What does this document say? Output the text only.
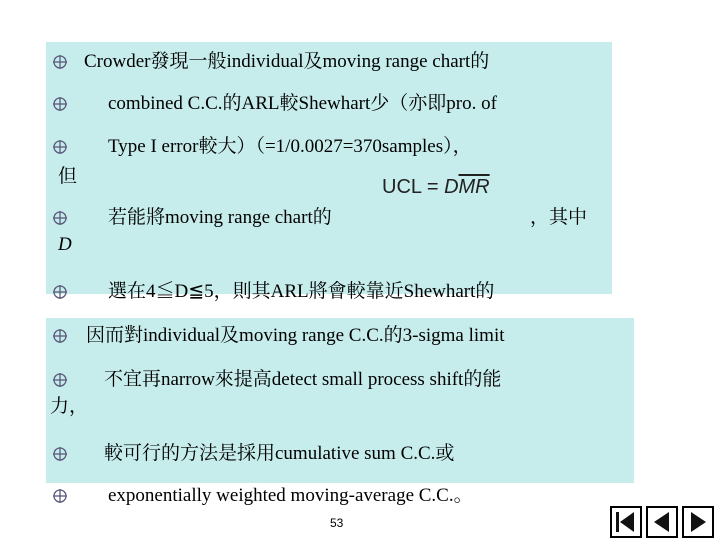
Crowder發現一般individual及moving range chart的
combined C.C.的ARL較Shewhart少（亦即pro. of
Type I error較大）（=1/0.0027=370samples），
但	UCL = $D\overline{MR}$
若能將moving range chart的	，其中
D
選在4≦D≦5，則其ARL將會較靠近Shewhart的
因而對individual及moving range C.C.的3-sigma limit
不宜再narrow來提高detect small process shift的能
力，
較可行的方法是採用cumulative sum C.C.或
exponentially weighted moving-average C.C.。
53
